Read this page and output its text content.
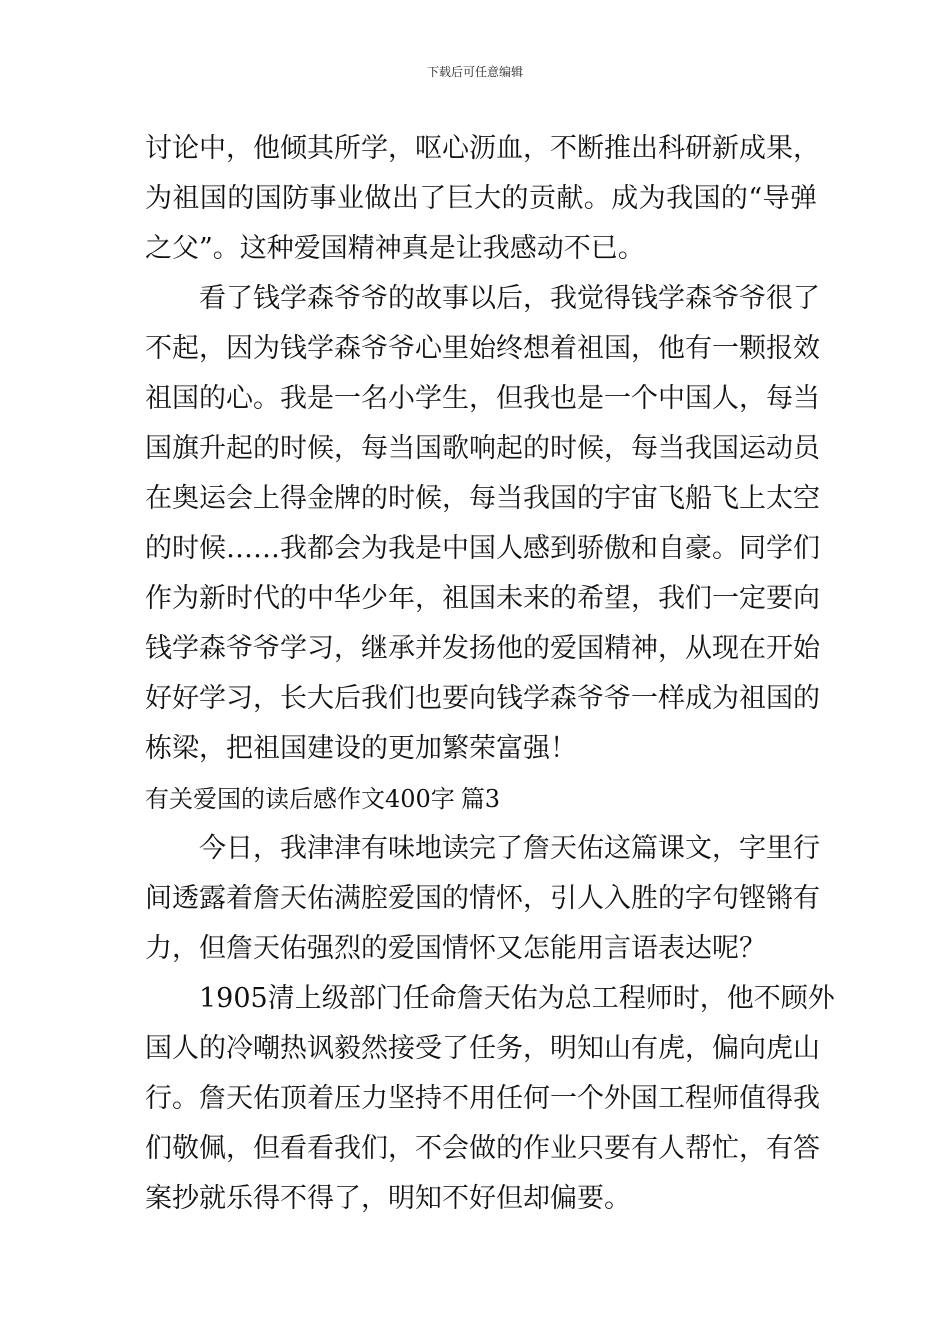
下载后可任意编辑

讨论中，他倾其所学，呕心沥血，不断推出科研新成果，
为祖国的国防事业做出了巨大的贡献。成为我国的“导弹
之父”。这种爱国精神真是让我感动不已。

看了钱学森爷爷的故事以后，我觉得钱学森爷爷很了
不起，因为钱学森爷爷心里始终想着祖国，他有一颗报效
祖国的心。我是一名小学生，但我也是一个中国人，每当
国旗升起的时候，每当国歌响起的时候，每当我国运动员
在奥运会上得金牌的时候，每当我国的宇宙飞船飞上太空
的时候……我都会为我是中国人感到骄傲和自豪。同学们
作为新时代的中华少年，祖国未来的希望，我们一定要向
钱学森爷爷学习，继承并发扬他的爱国精神，从现在开始
好好学习，长大后我们也要向钱学森爷爷一样成为祖国的
栋梁，把祖国建设的更加繁荣富强！

有关爱国的读后感作文400字 篇3

今日，我津津有味地读完了詹天佑这篇课文，字里行
间透露着詹天佑满腔爱国的情怀，引人入胜的字句铿锵有
力，但詹天佑强烈的爱国情怀又怎能用言语表达呢？

1905清上级部门任命詹天佑为总工程师时，他不顾外
国人的冷嘲热讽毅然接受了任务，明知山有虎，偏向虎山
行。詹天佑顶着压力坚持不用任何一个外国工程师值得我
们敬佩，但看看我们，不会做的作业只要有人帮忙，有答
案抄就乐得不得了，明知不好但却偏要。
